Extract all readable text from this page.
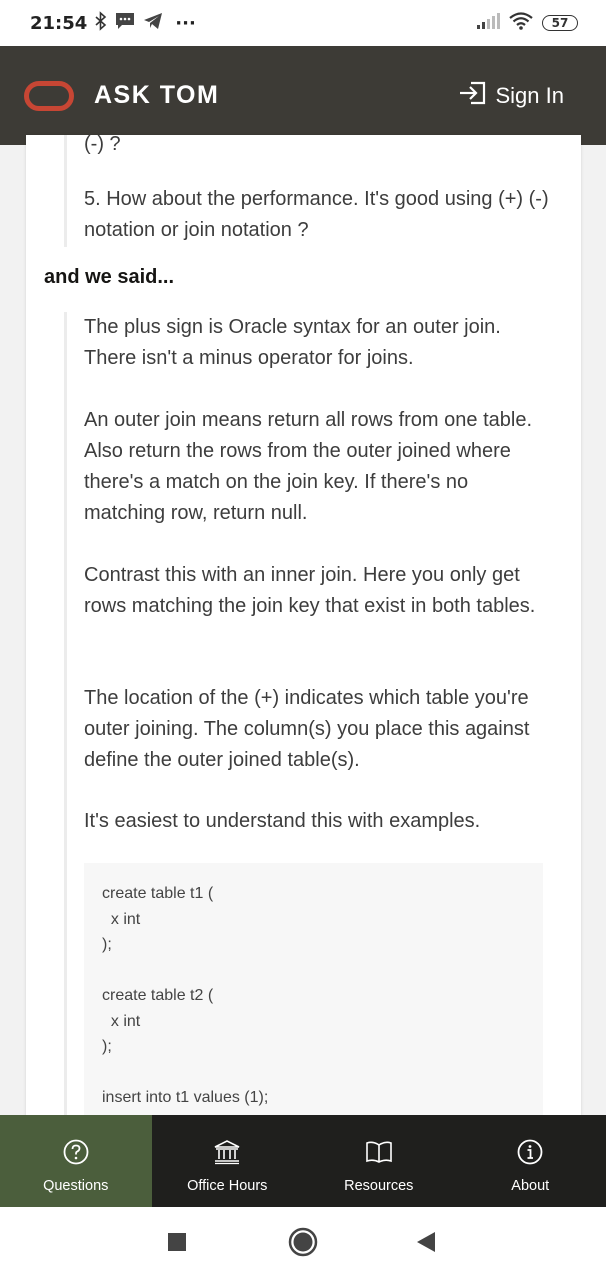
21:54	···	57
ASK TOM	Sign In
(-) ?
5. How about the performance. It's good using (+) (-) notation or join notation ?
and we said...

The plus sign is Oracle syntax for an outer join. There isn't a minus operator for joins.

An outer join means return all rows from one table. Also return the rows from the outer joined where there's a match on the join key. If there's no matching row, return null.

Contrast this with an inner join. Here you only get rows matching the join key that exist in both tables.

The location of the (+) indicates which table you're outer joining. The column(s) you place this against define the outer joined table(s).

It's easiest to understand this with examples.

create table t1 (
x int
);

create table t2 (
x int
);

insert into t1 values (1);
Questions	Office Hours	Resources	About
